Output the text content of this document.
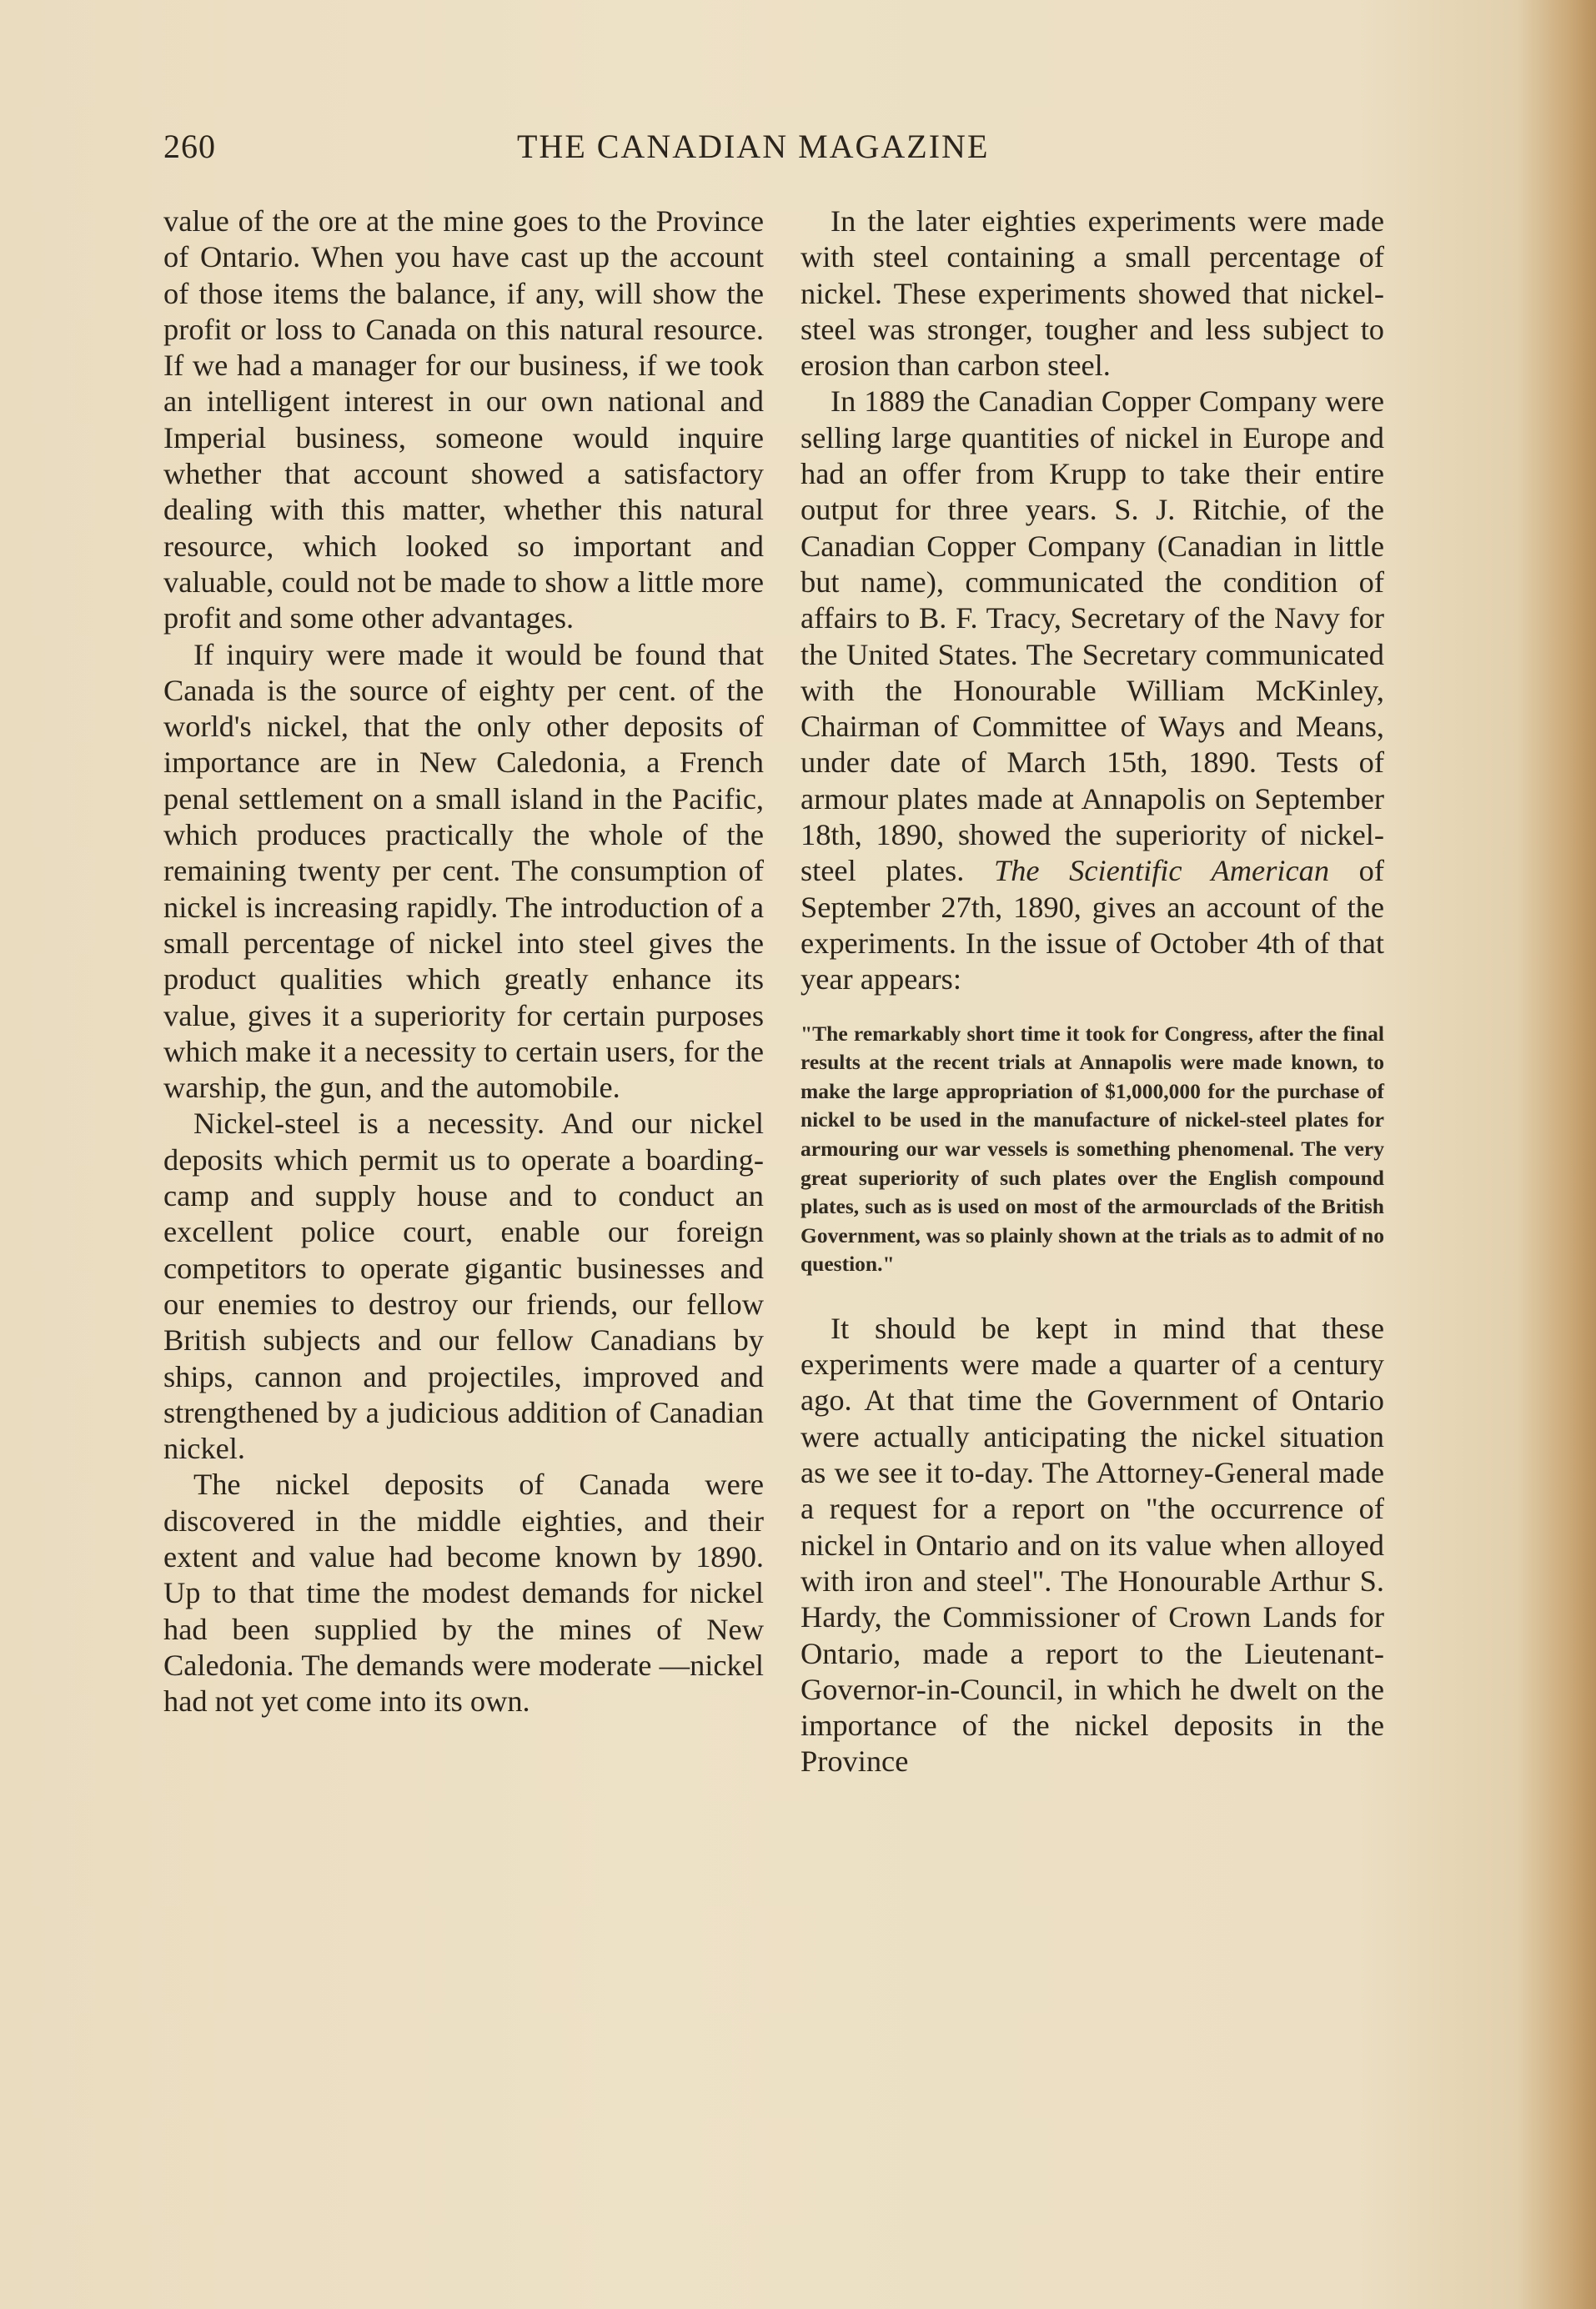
260	THE CANADIAN MAGAZINE

value of the ore at the mine goes to the Province of Ontario. When you have cast up the account of those items the balance, if any, will show the profit or loss to Canada on this natural resource. If we had a manager for our business, if we took an intelligent interest in our own national and Imperial business, someone would inquire whether that account showed a satisfactory dealing with this matter, whether this natural resource, which looked so important and valuable, could not be made to show a little more profit and some other advantages.

If inquiry were made it would be found that Canada is the source of eighty per cent. of the world's nickel, that the only other deposits of importance are in New Caledonia, a French penal settlement on a small island in the Pacific, which produces practically the whole of the remaining twenty per cent. The consumption of nickel is increasing rapidly. The introduction of a small percentage of nickel into steel gives the product qualities which greatly enhance its value, gives it a superiority for certain purposes which make it a necessity to certain users, for the warship, the gun, and the automobile.

Nickel-steel is a necessity. And our nickel deposits which permit us to operate a boarding-camp and supply house and to conduct an excellent police court, enable our foreign competitors to operate gigantic businesses and our enemies to destroy our friends, our fellow British subjects and our fellow Canadians by ships, cannon and projectiles, improved and strengthened by a judicious addition of Canadian nickel.

The nickel deposits of Canada were discovered in the middle eighties, and their extent and value had become known by 1890. Up to that time the modest demands for nickel had been supplied by the mines of New Caledonia. The demands were moderate —nickel had not yet come into its own.

In the later eighties experiments were made with steel containing a small percentage of nickel. These experiments showed that nickel-steel was stronger, tougher and less subject to erosion than carbon steel.

In 1889 the Canadian Copper Company were selling large quantities of nickel in Europe and had an offer from Krupp to take their entire output for three years. S. J. Ritchie, of the Canadian Copper Company (Canadian in little but name), communicated the condition of affairs to B. F. Tracy, Secretary of the Navy for the United States. The Secretary communicated with the Honourable William McKinley, Chairman of Committee of Ways and Means, under date of March 15th, 1890. Tests of armour plates made at Annapolis on September 18th, 1890, showed the superiority of nickel-steel plates. The Scientific American of September 27th, 1890, gives an account of the experiments. In the issue of October 4th of that year appears:

"The remarkably short time it took for Congress, after the final results at the recent trials at Annapolis were made known, to make the large appropriation of $1,000,000 for the purchase of nickel to be used in the manufacture of nickel-steel plates for armouring our war vessels is something phenomenal. The very great superiority of such plates over the English compound plates, such as is used on most of the armourclads of the British Government, was so plainly shown at the trials as to admit of no question."

It should be kept in mind that these experiments were made a quarter of a century ago. At that time the Government of Ontario were actually anticipating the nickel situation as we see it to-day. The Attorney-General made a request for a report on "the occurrence of nickel in Ontario and on its value when alloyed with iron and steel". The Honourable Arthur S. Hardy, the Commissioner of Crown Lands for Ontario, made a report to the Lieutenant-Governor-in-Council, in which he dwelt on the importance of the nickel deposits in the Province
